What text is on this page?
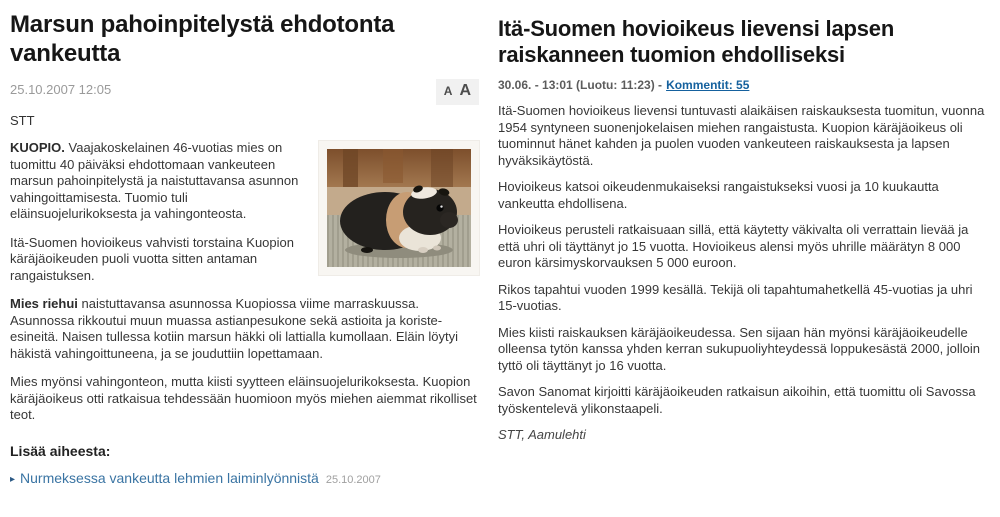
Marsun pahoinpitelystä ehdotonta vankeutta
25.10.2007 12:05	A A
STT

KUOPIO. Vaajakoskelainen 46-vuotias mies on tuomittu 40 päiväksi ehdottomaan vankeuteen marsun pahoinpitelystä ja naistuttavansa asunnon vahingoittamisesta. Tuomio tuli eläinsuojelurikoksesta ja vahingonteosta.

Itä-Suomen hovioikeus vahvisti torstaina Kuopion käräjäoikeuden puoli vuotta sitten antaman rangaistuksen.

Mies riehui naistuttavansa asunnossa Kuopiossa viime marraskuussa. Asunnossa rikkoutui muun muassa astianpesukone sekä astioita ja koriste-esineitä. Naisen tullessa kotiin marsun häkki oli lattialla kumollaan. Eläin löytyi häkistä vahingoittuneena, ja se jouduttiin lopettamaan.

Mies myönsi vahingonteon, mutta kiisti syytteen eläinsuojelurikoksesta. Kuopion käräjäoikeus otti ratkaisua tehdessään huomioon myös miehen aiemmat rikolliset teot.

Lisää aiheesta:
▸ Nurmeksessa vankeutta lehmien laiminlyönnistä 25.10.2007
Itä-Suomen hovioikeus lievensi lapsen raiskanneen tuomion ehdolliseksi
30.06. - 13:01 (Luotu: 11:23) - Kommentit: 55

Itä-Suomen hovioikeus lievensi tuntuvasti alaikäisen raiskauksesta tuomitun, vuonna 1954 syntyneen suonenjokelaisen miehen rangaistusta. Kuopion käräjäoikeus oli tuominnut hänet kahden ja puolen vuoden vankeuteen raiskauksesta ja lapsen hyväksikäytöstä.

Hovioikeus katsoi oikeudenmukaiseksi rangaistukseksi vuosi ja 10 kuukautta vankeutta ehdollisena.

Hovioikeus perusteli ratkaisuaan sillä, että käytetty väkivalta oli verrattain lievää ja että uhri oli täyttänyt jo 15 vuotta. Hovioikeus alensi myös uhrille määrätyn 8 000 euron kärsimyskorvauksen 5 000 euroon.

Rikos tapahtui vuoden 1999 kesällä. Tekijä oli tapahtumahetkellä 45-vuotias ja uhri 15-vuotias.

Mies kiisti raiskauksen käräjäoikeudessa. Sen sijaan hän myönsi käräjäoikeudelle olleensa tytön kanssa yhden kerran sukupuoliyhteydessä loppukesästä 2000, jolloin tyttö oli täyttänyt jo 16 vuotta.

Savon Sanomat kirjoitti käräjäoikeuden ratkaisun aikoihin, että tuomittu oli Savossa työskentelevä ylikonstaapeli.

STT, Aamulehti
